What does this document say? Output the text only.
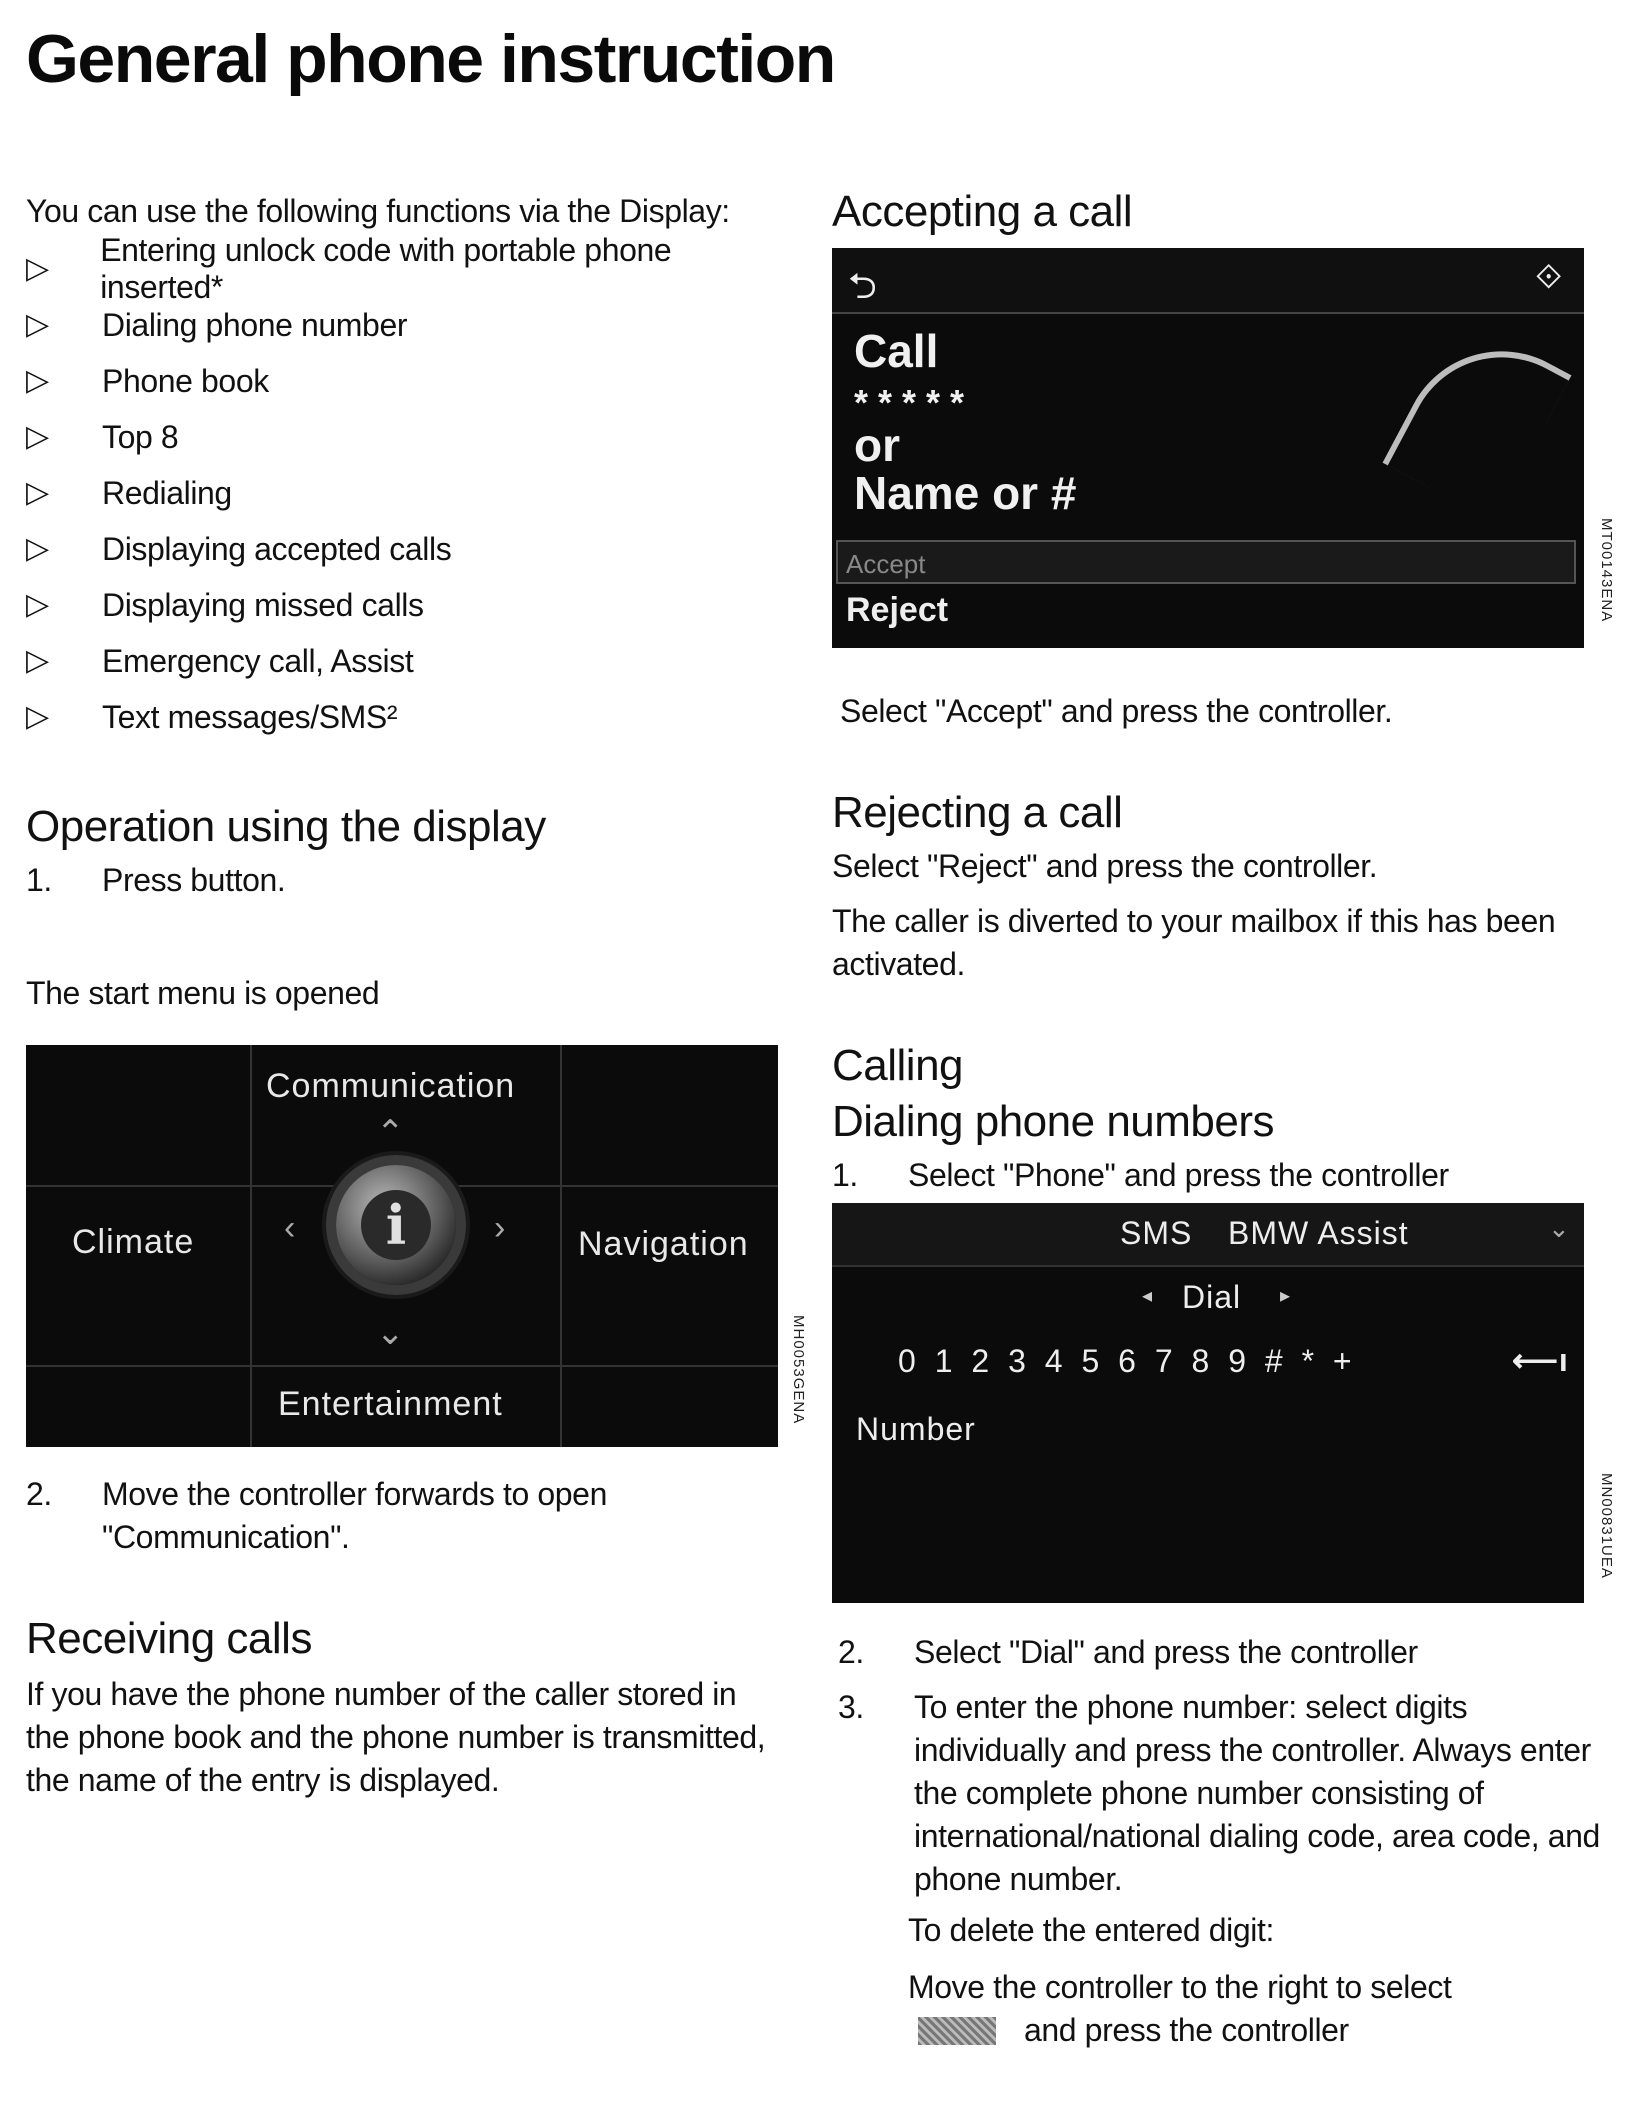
General phone instruction

You can use the following functions via the Display:

▷
Entering unlock code with portable phone inserted*
▷	Dialing phone number
▷	Phone book
▷	Top 8
▷	Redialing
▷	Displaying accepted calls
▷	Displaying missed calls
▷	Emergency call, Assist
▷	Text messages/SMS²
Operation using the display
1.	Press button.

The start menu is opened

Communication
Climate	Navigation
Entertainment
⌃
‹	›
⌄
i
MH0053GENA
2.	Move the controller forwards to open "Communication".
Receiving calls

If you have the phone number of the caller stored in the phone book and the phone number is transmitted, the name of the entry is displayed.

Accepting a call
⮌	⟐
Call
* * * * *
or
Name or #
Accept
Reject	MT00143ENA

Select "Accept" and press the controller.

Rejecting a call

Select "Reject" and press the controller.

The caller is diverted to your mailbox if this has been activated.

Calling
Dialing phone numbers
1.	Select "Phone" and press the controller
SMS BMW Assist	⌄
◂ Dial ▸
0 1 2 3 4 5 6 7 8 9 # * +	⟵ı
Number
MN00831UEA
2.	Select "Dial" and press the controller
3.	To enter the phone number: select digits individually and press the controller. Always enter the complete phone number consisting of international/national dialing code, area code, and phone number.
To delete the entered digit:
Move the controller to the right to select
and press the controller
